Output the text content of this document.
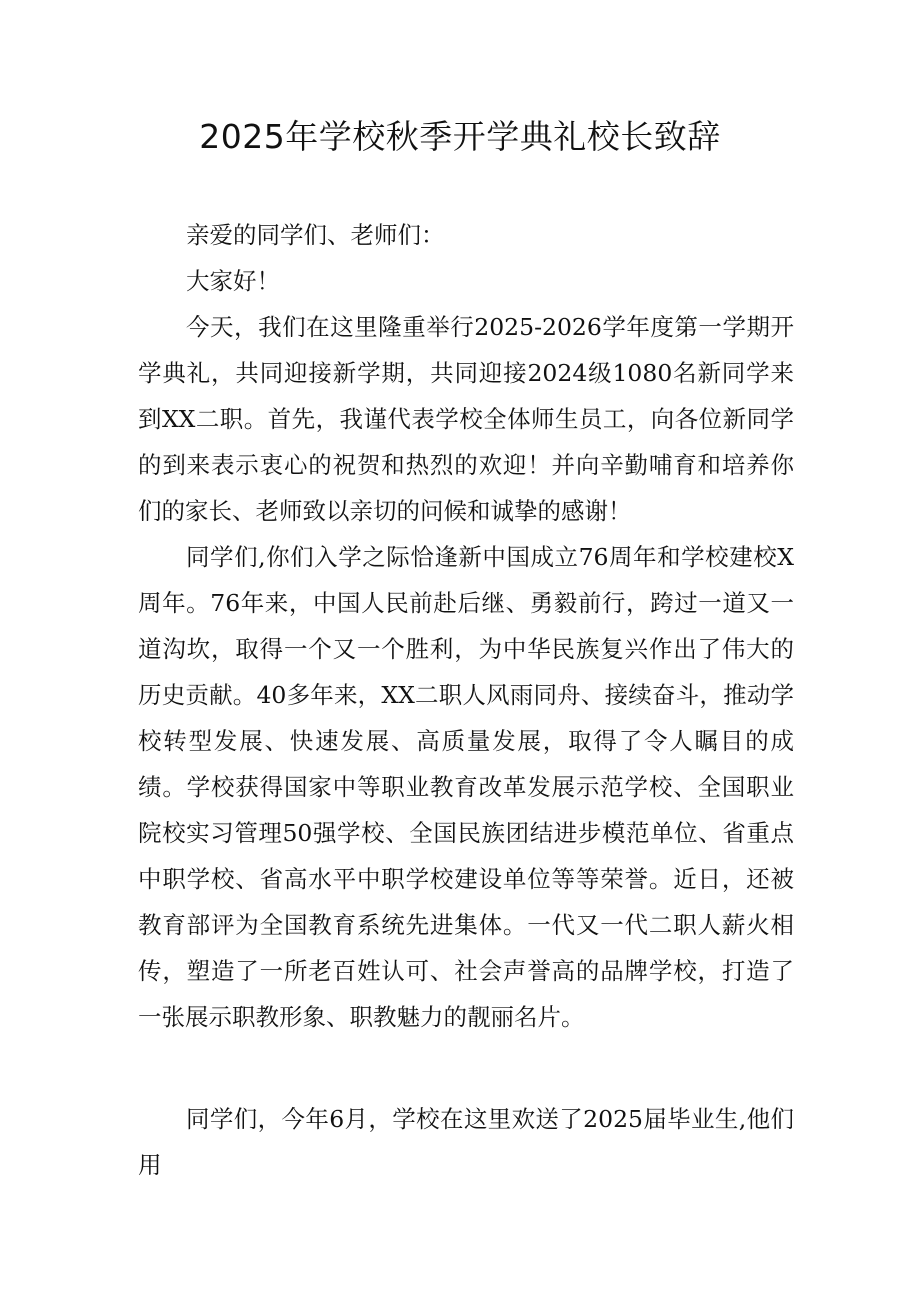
2025年学校秋季开学典礼校长致辞

亲爱的同学们、老师们：

大家好！

今天，我们在这里隆重举行2025-2026学年度第一学期开学典礼，共同迎接新学期，共同迎接2024级1080名新同学来到XX二职。首先，我谨代表学校全体师生员工，向各位新同学的到来表示衷心的祝贺和热烈的欢迎！并向辛勤哺育和培养你们的家长、老师致以亲切的问候和诚挚的感谢！

同学们,你们入学之际恰逢新中国成立76周年和学校建校X周年。76年来，中国人民前赴后继、勇毅前行，跨过一道又一道沟坎，取得一个又一个胜利，为中华民族复兴作出了伟大的历史贡献。40多年来，XX二职人风雨同舟、接续奋斗，推动学校转型发展、快速发展、高质量发展，取得了令人瞩目的成绩。学校获得国家中等职业教育改革发展示范学校、全国职业院校实习管理50强学校、全国民族团结进步模范单位、省重点中职学校、省高水平中职学校建设单位等等荣誉。近日，还被教育部评为全国教育系统先进集体。一代又一代二职人薪火相传，塑造了一所老百姓认可、社会声誉高的品牌学校，打造了一张展示职教形象、职教魅力的靓丽名片。

同学们，今年6月，学校在这里欢送了2025届毕业生,他们用
